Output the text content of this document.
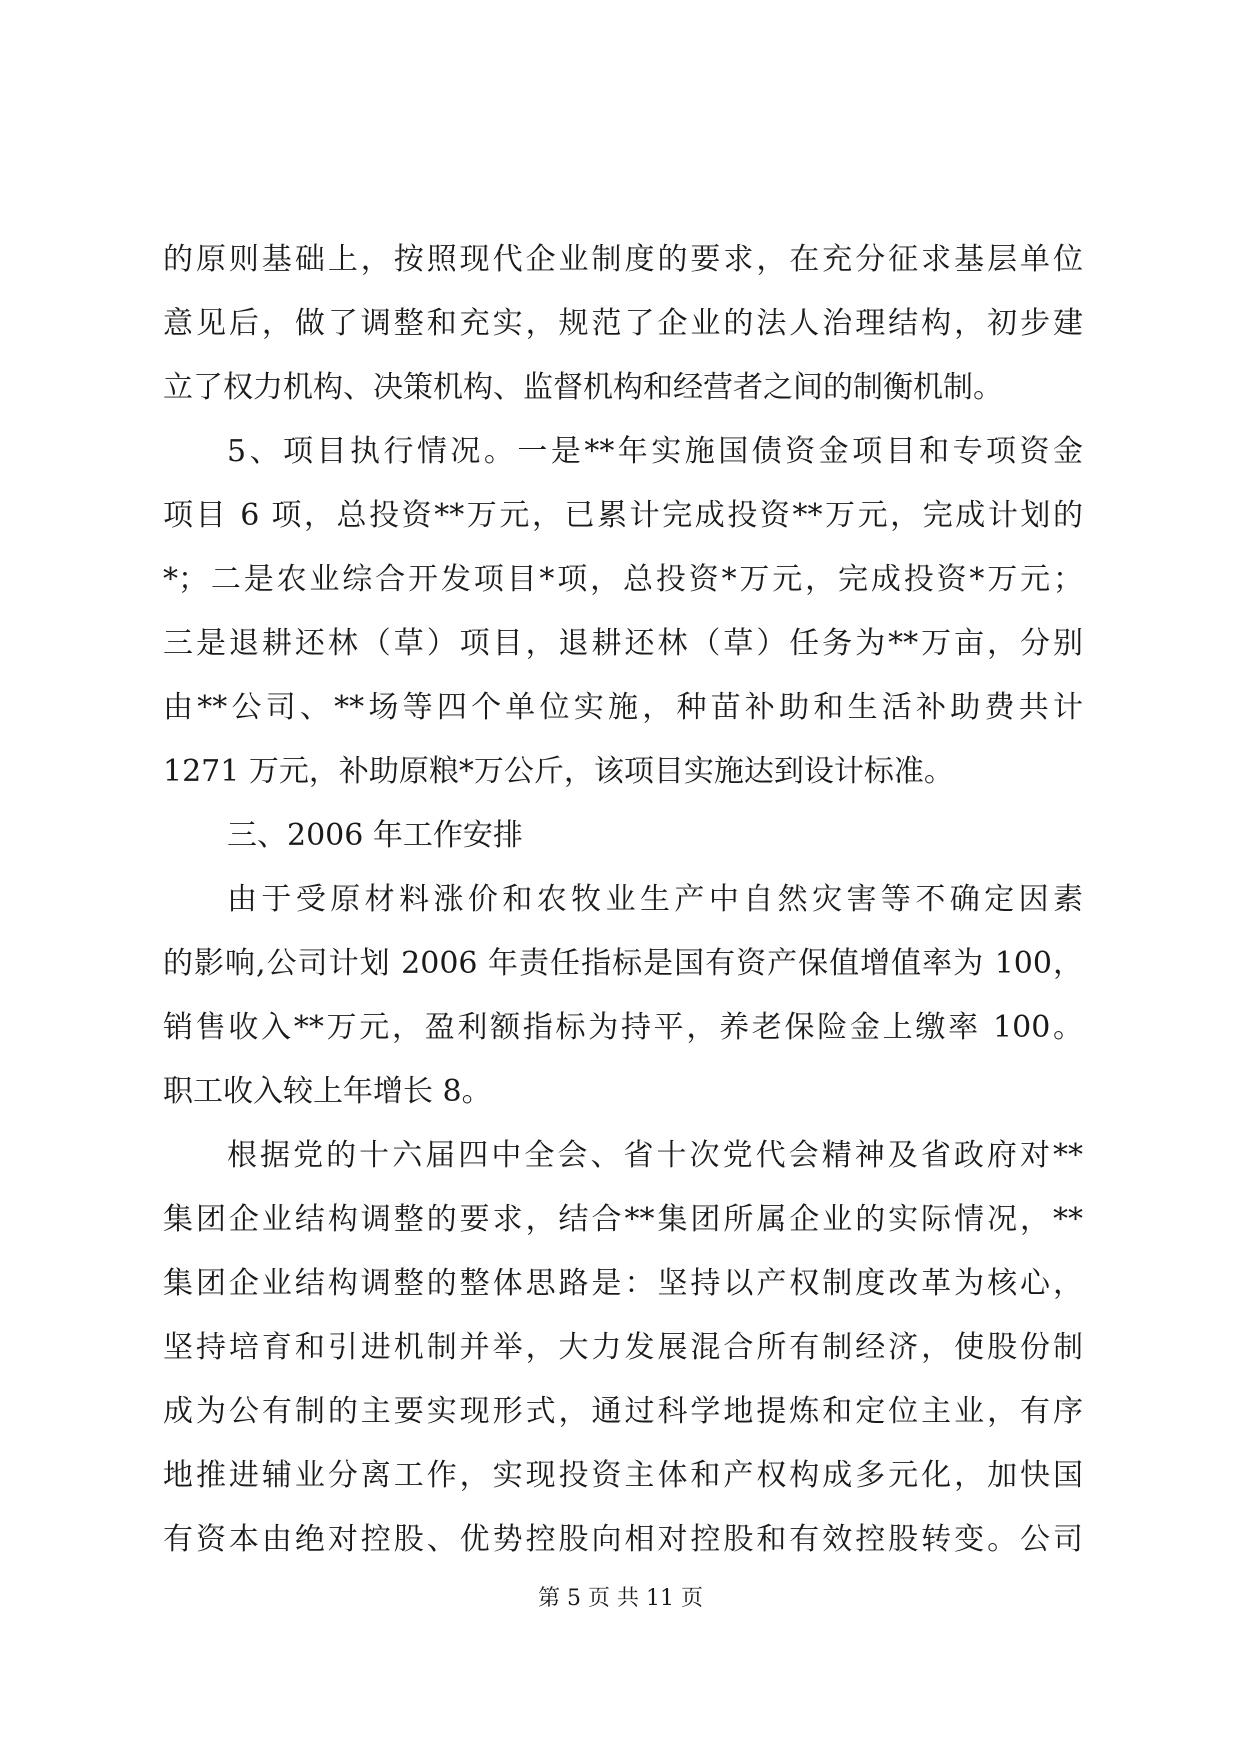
的原则基础上，按照现代企业制度的要求，在充分征求基层单位
意见后，做了调整和充实，规范了企业的法人治理结构，初步建
立了权力机构、决策机构、监督机构和经营者之间的制衡机制。
5、项目执行情况。一是**年实施国债资金项目和专项资金
项目 6 项，总投资**万元，已累计完成投资**万元，完成计划的
*；二是农业综合开发项目*项，总投资*万元，完成投资*万元；
三是退耕还林（草）项目，退耕还林（草）任务为**万亩，分别
由**公司、**场等四个单位实施，种苗补助和生活补助费共计
1271 万元，补助原粮*万公斤，该项目实施达到设计标准。
三、2006 年工作安排
由于受原材料涨价和农牧业生产中自然灾害等不确定因素
的影响,公司计划 2006 年责任指标是国有资产保值增值率为 100，
销售收入**万元，盈利额指标为持平，养老保险金上缴率 100。
职工收入较上年增长 8。
根据党的十六届四中全会、省十次党代会精神及省政府对**
集团企业结构调整的要求，结合**集团所属企业的实际情况，**
集团企业结构调整的整体思路是：坚持以产权制度改革为核心，
坚持培育和引进机制并举，大力发展混合所有制经济，使股份制
成为公有制的主要实现形式，通过科学地提炼和定位主业，有序
地推进辅业分离工作，实现投资主体和产权构成多元化，加快国
有资本由绝对控股、优势控股向相对控股和有效控股转变。公司
第 5 页 共 11 页
